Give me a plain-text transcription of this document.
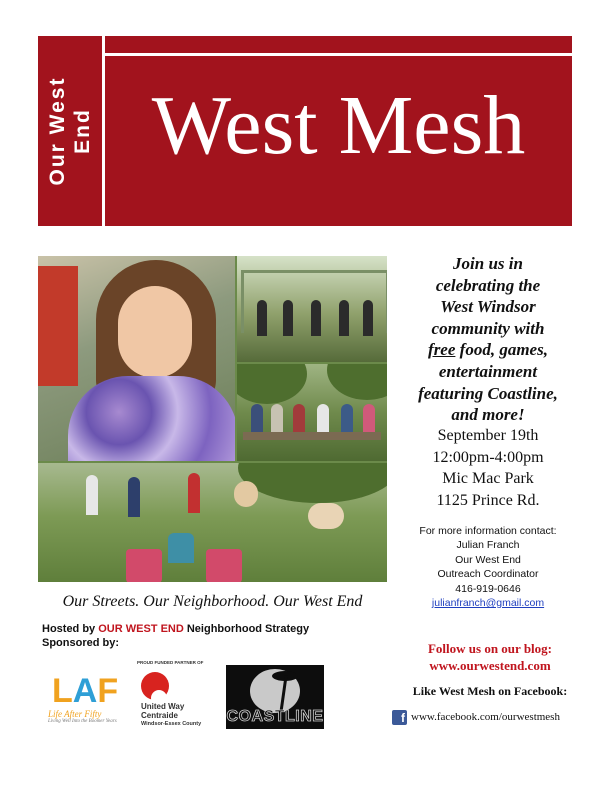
Our West End West Mesh
Our Streets. Our Neighborhood. Our West End
Join us in
celebrating the
West Windsor
community with
free food, games,
entertainment
featuring Coastline,
and more!
September 19th
12:00pm-4:00pm
Mic Mac Park
1125 Prince Rd.
For more information contact:
Julian Franch
Our West End
Outreach Coordinator
416-919-0646
julianfranch@gmail.com
Hosted by OUR WEST END Neighborhood Strategy
Sponsored by:
LAF
Life After Fifty
Living Well Into the Boomer Years
PROUD FUNDED PARTNER OF
United Way
Centraide
Windsor-Essex County COASTLINE
Follow us on our blog:
www.ourwestend.com
Like West Mesh on Facebook:
f www.facebook.com/ourwestmesh
